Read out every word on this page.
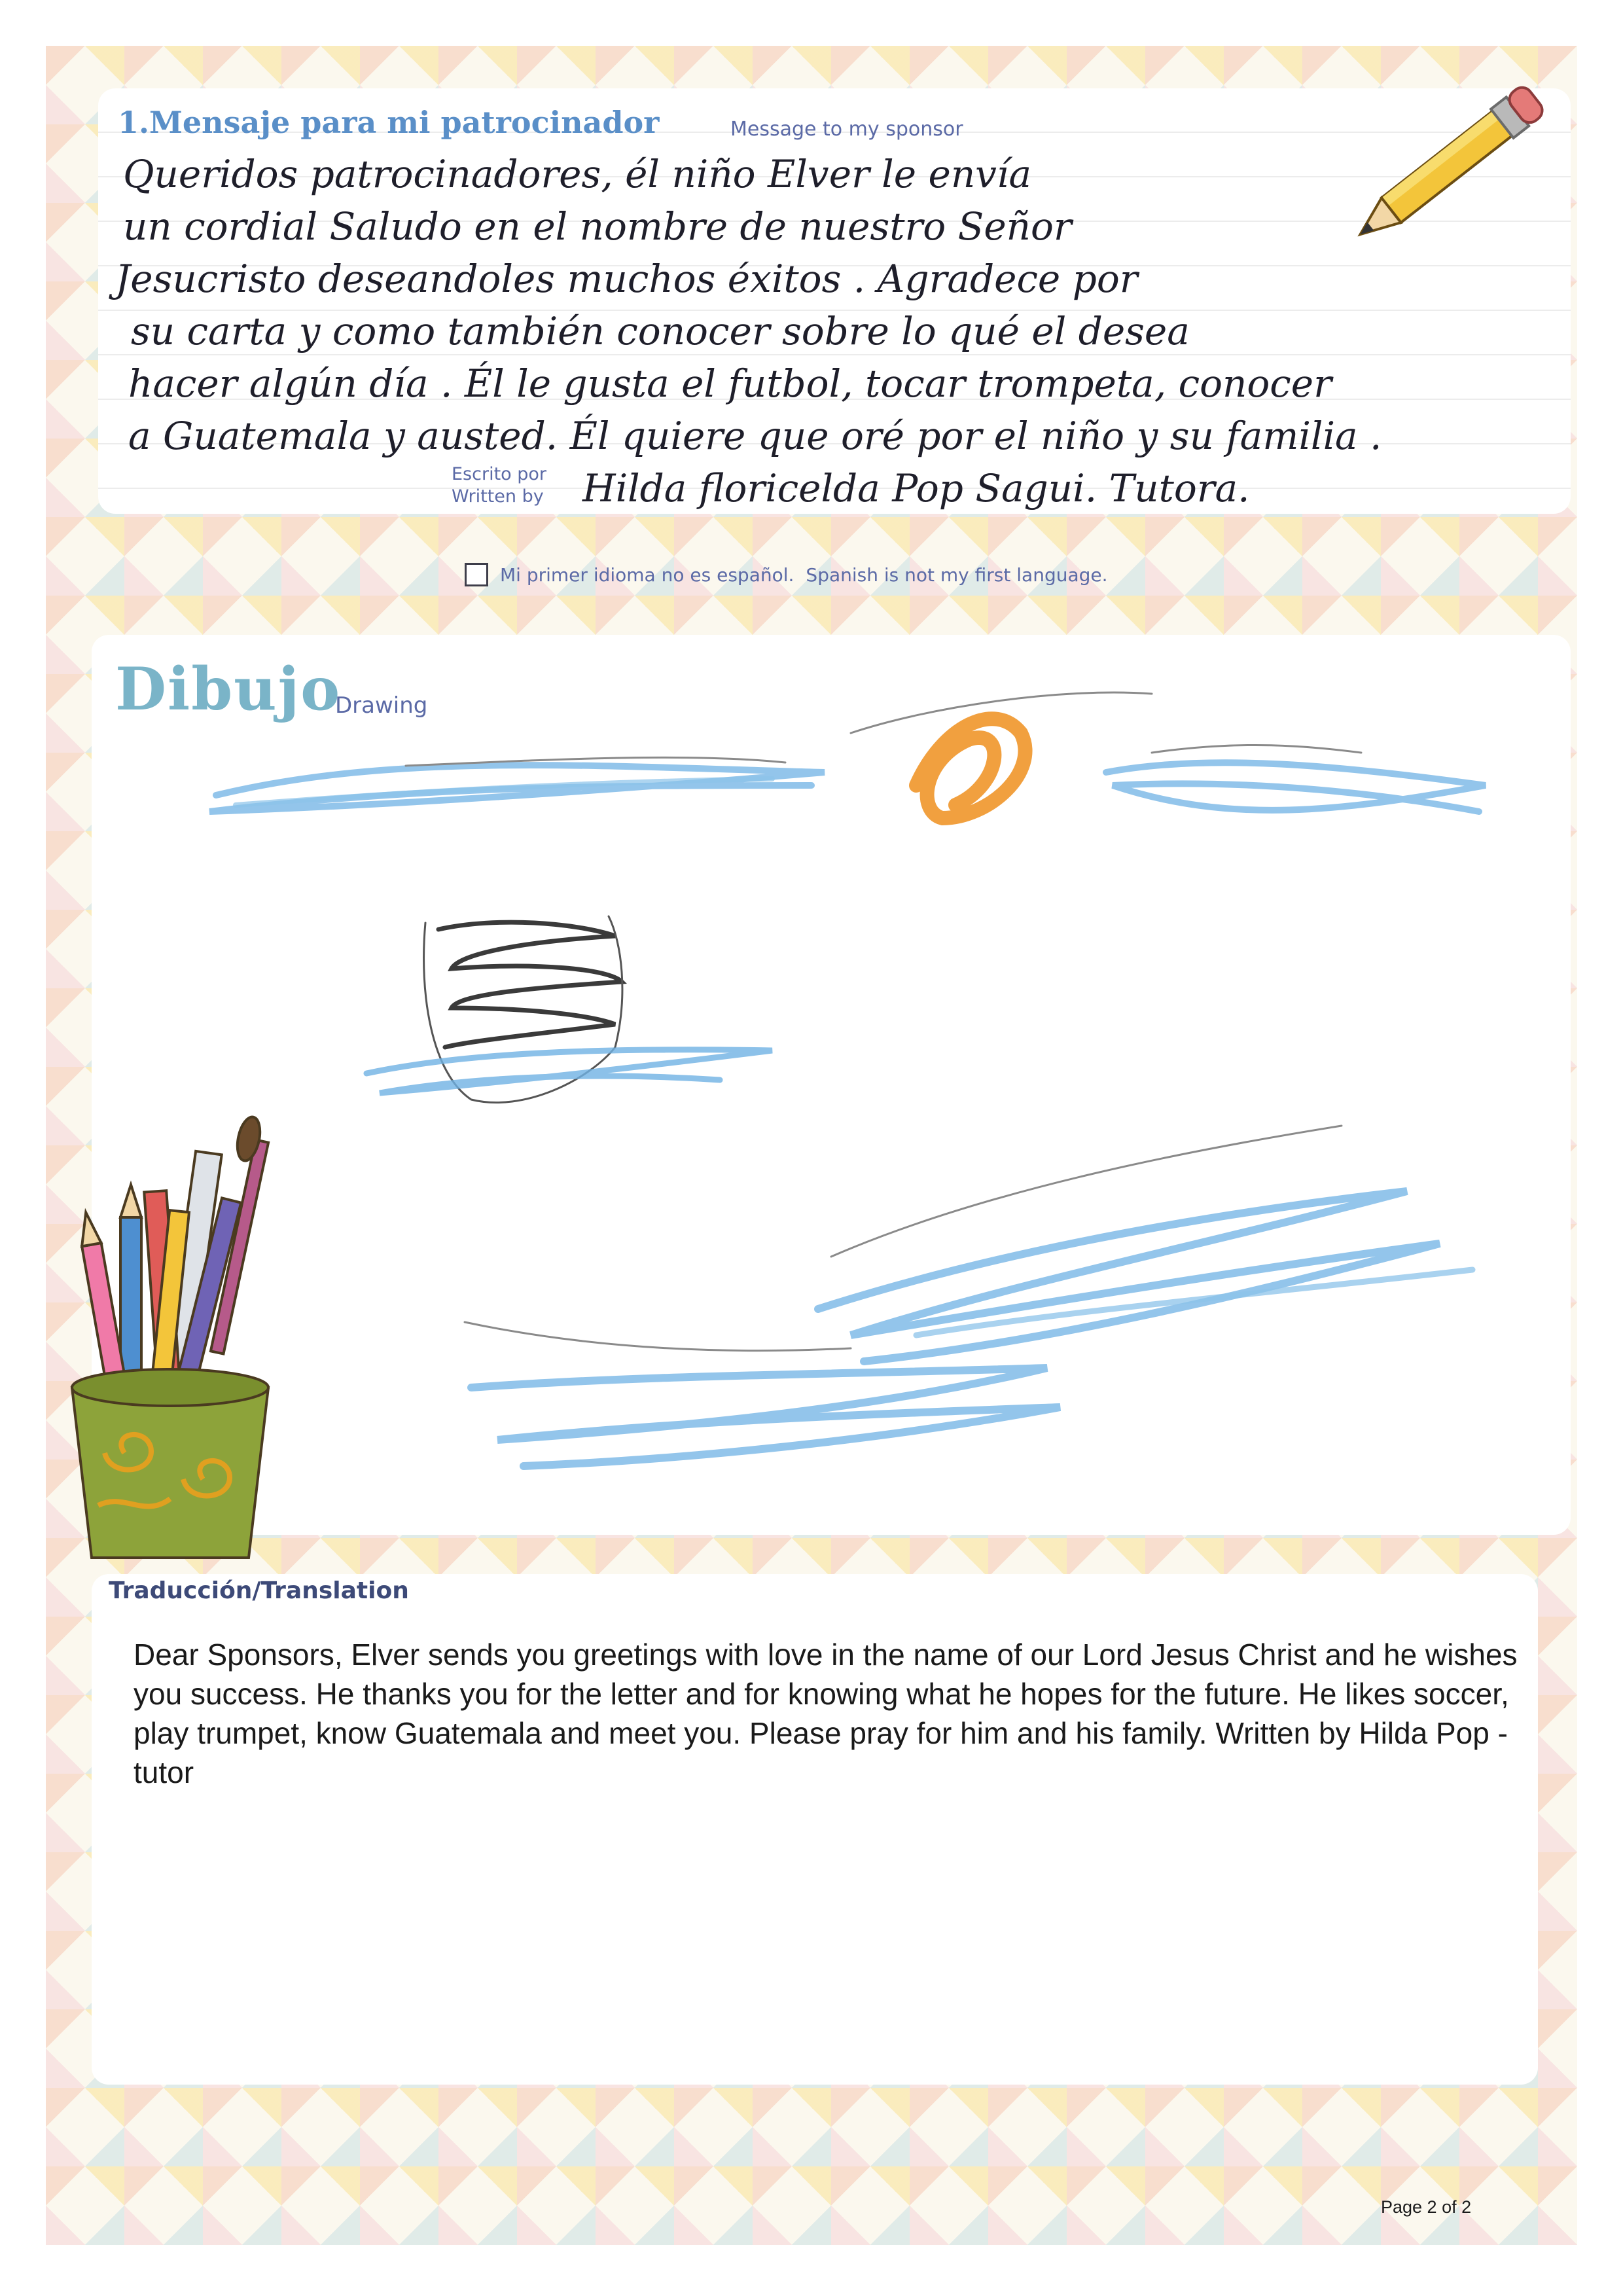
1. Mensaje para mi patrocinador	Message to my sponsor
Queridos patrocinadores, él niño Elver le envía
un cordial Saludo en el nombre de nuestro Señor
Jesucristo deseandoles muchos éxitos . Agradece por
su carta y como también conocer sobre lo qué el desea
hacer algún día . Él le gusta el futbol, tocar trompeta, conocer
a Guatemala y austed. Él quiere que oré por el niño y su familia .
Escrito por
Written by Hilda floricelda Pop Sagui. Tutora.
Mi primer idioma no es español. Spanish is not my first language.
Dibujo
Drawing
Traducción/Translation
Dear Sponsors, Elver sends you greetings with love in the name of our Lord Jesus Christ and he wishes you success. He thanks you for the letter and for knowing what he hopes for the future. He likes soccer, play trumpet, know Guatemala and meet you. Please pray for him and his family. Written by Hilda Pop - tutor
Page 2 of 2
